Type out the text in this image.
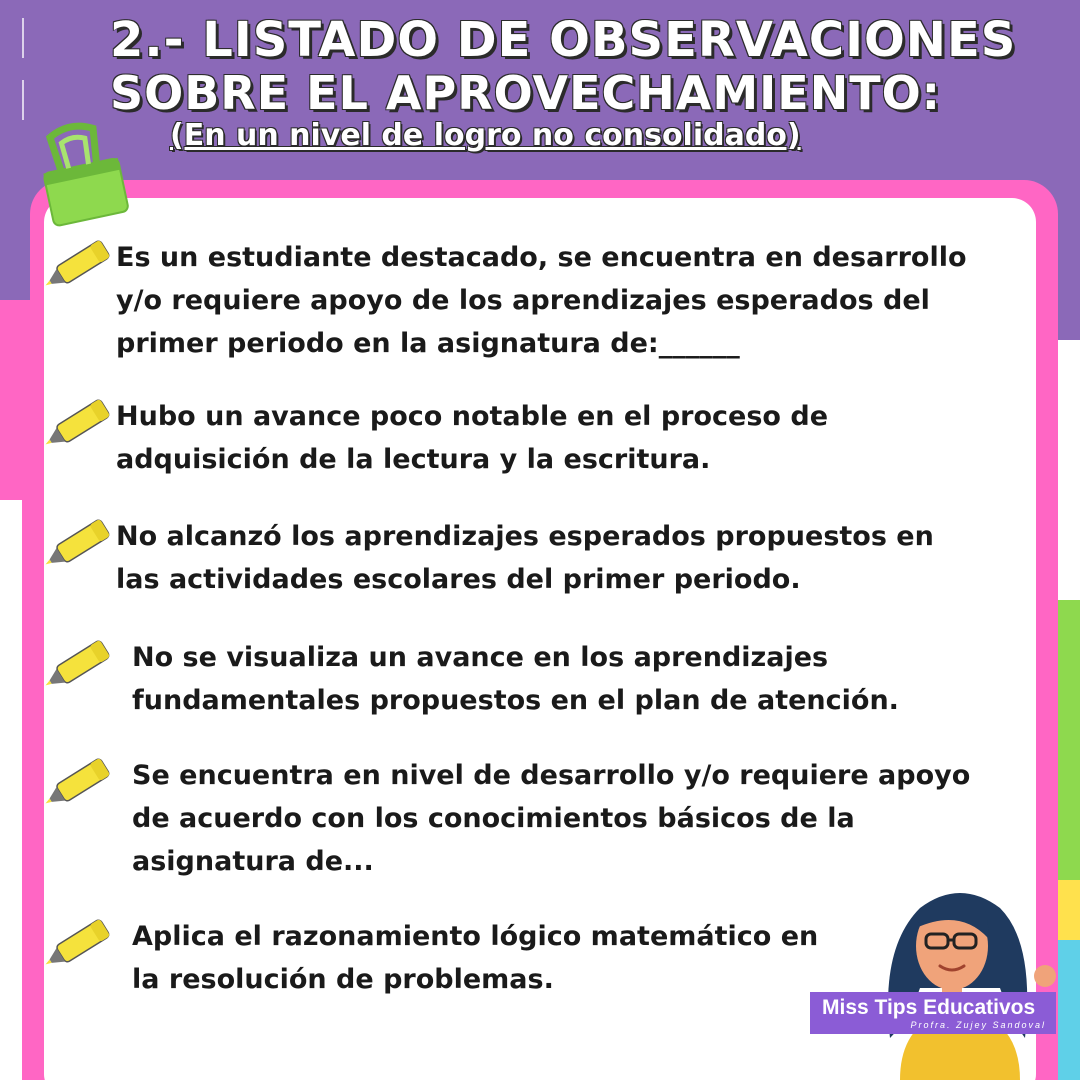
2.- LISTADO DE OBSERVACIONES
SOBRE EL APROVECHAMIENTO:
(En un nivel de logro no consolidado)
Es un estudiante destacado, se encuentra en desarrollo
y/o requiere apoyo de los aprendizajes esperados del
primer periodo en la asignatura de:______
Hubo un avance poco notable en el proceso de
adquisición de la lectura y la escritura.
No alcanzó los aprendizajes esperados propuestos en
las actividades escolares del primer periodo.
No se visualiza un avance en los aprendizajes
fundamentales propuestos en el plan de atención.
Se encuentra en nivel de desarrollo y/o requiere apoyo
de acuerdo con los conocimientos básicos de la
asignatura de...
Aplica el razonamiento lógico matemático en
la resolución de problemas.
Miss Tips Educativos
Profra. Zujey Sandoval
